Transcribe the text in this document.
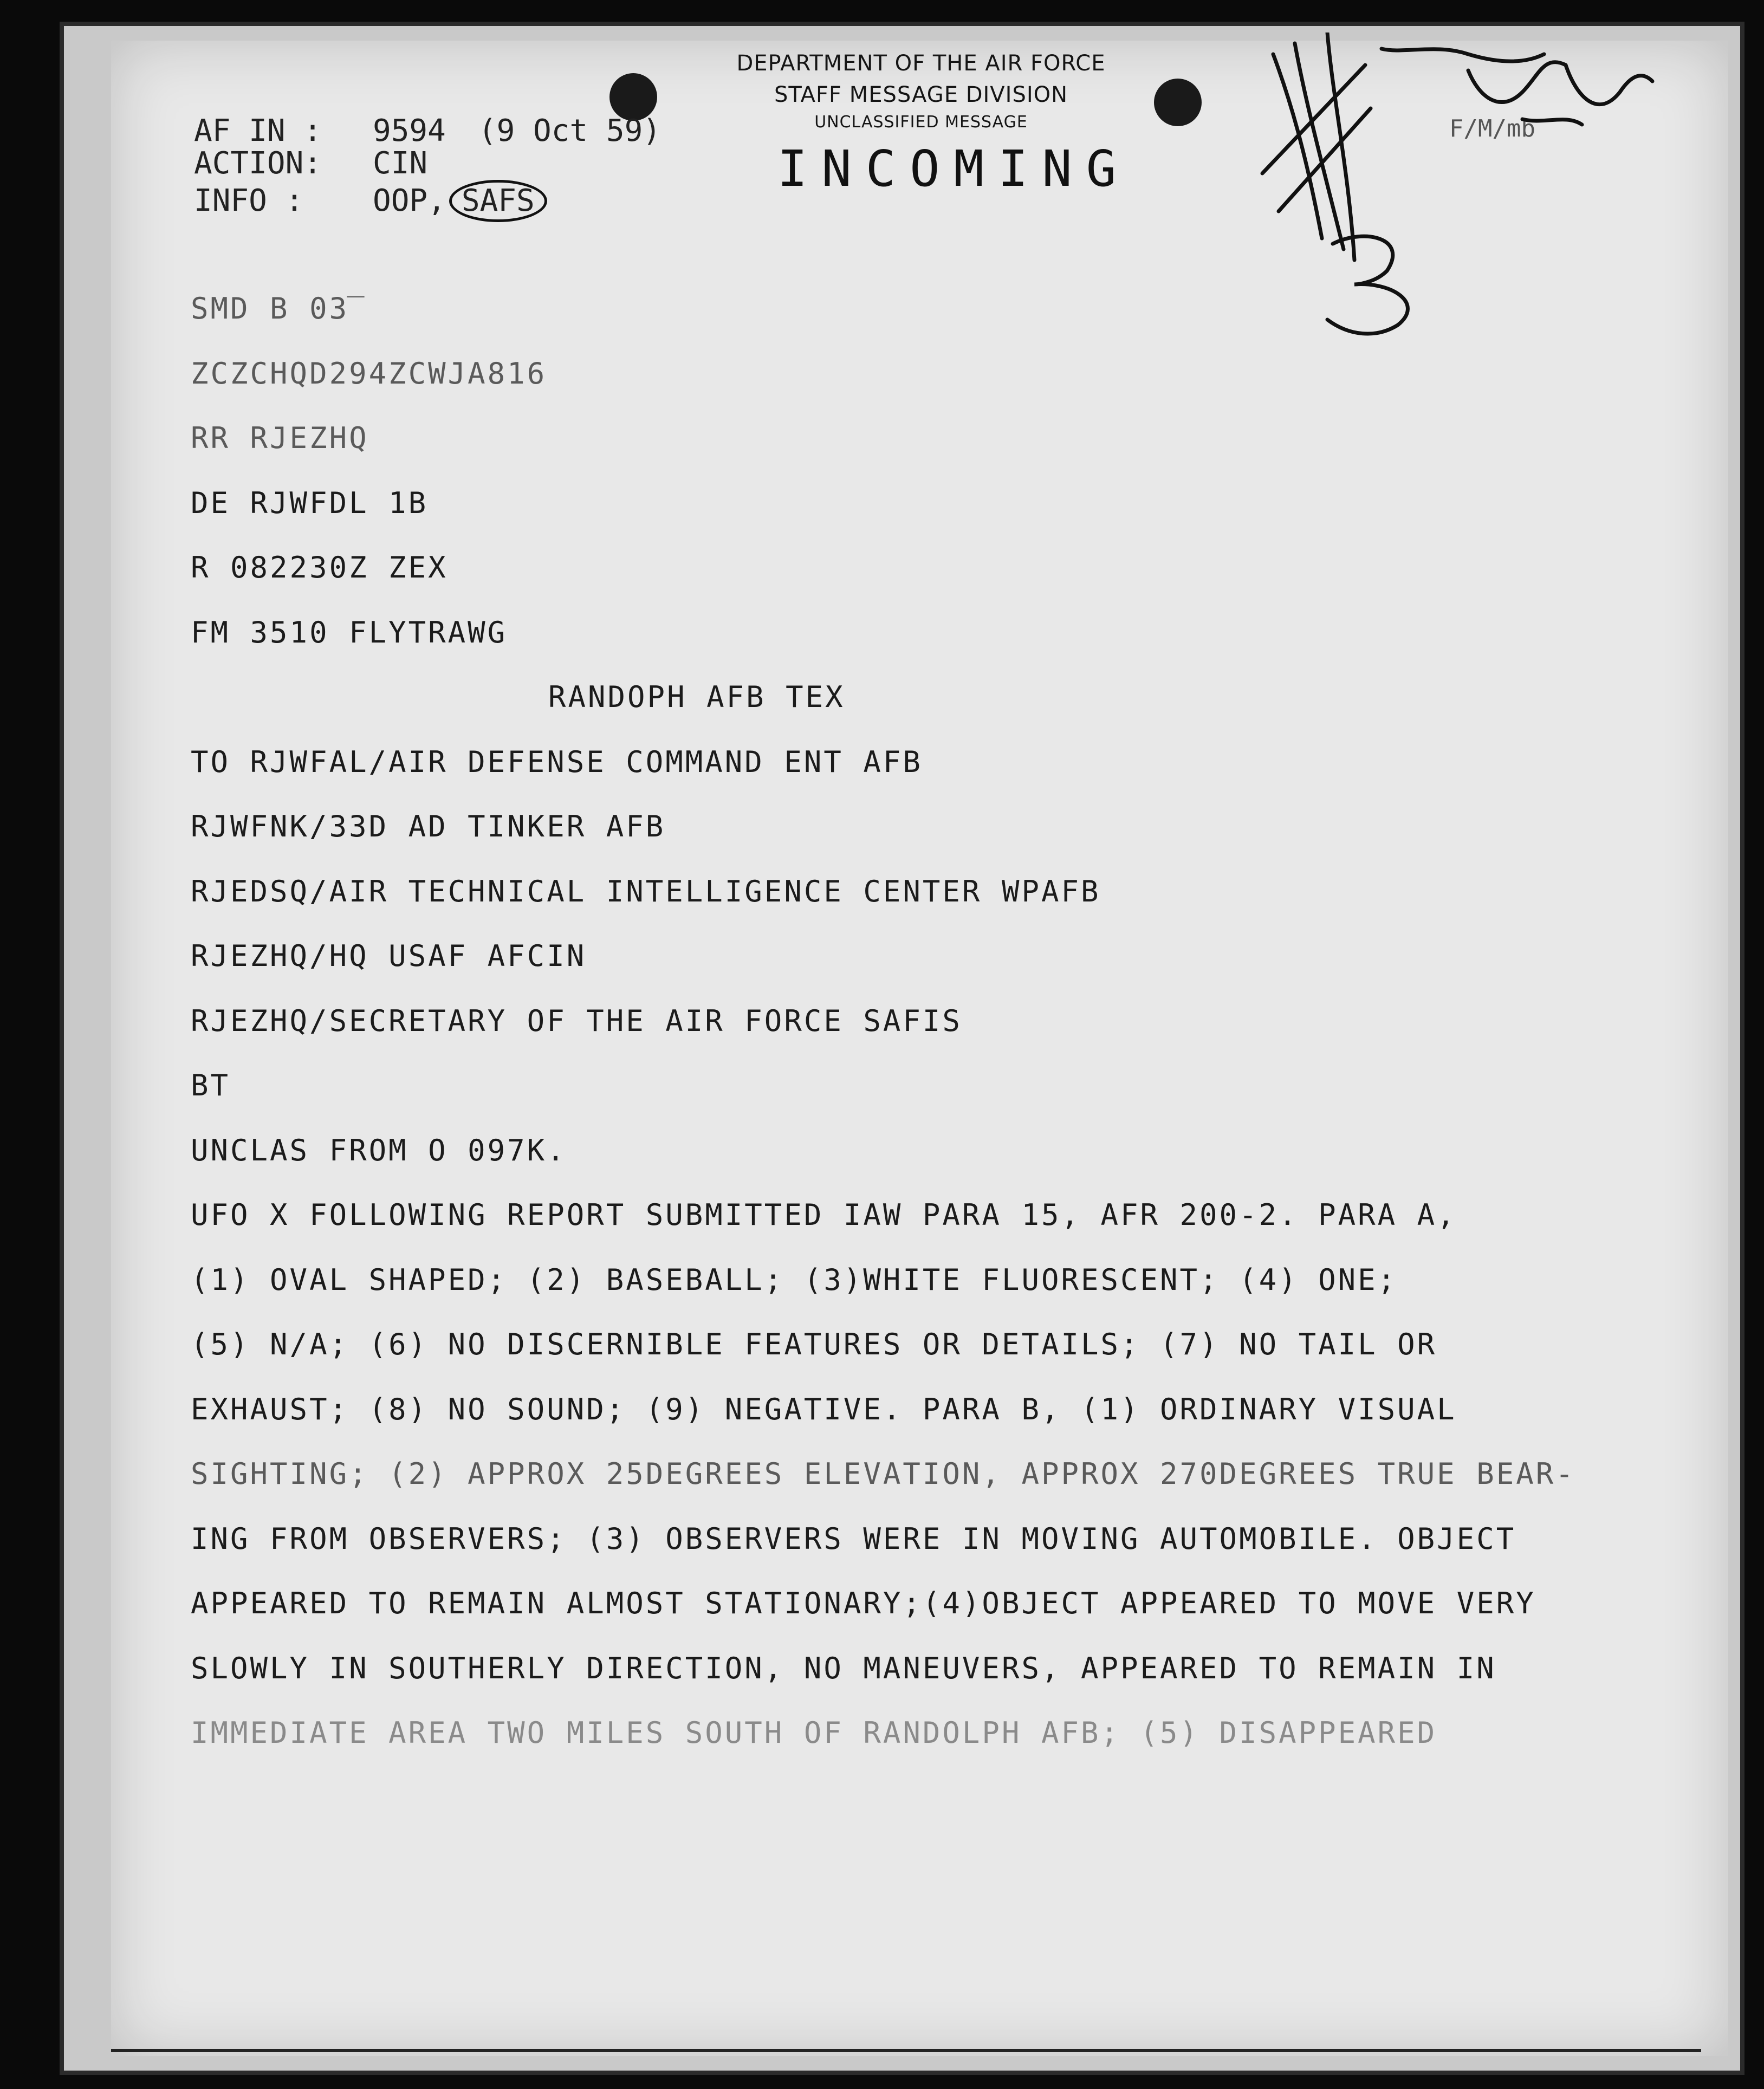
DEPARTMENT OF THE AIR FORCE
STAFF MESSAGE DIVISION
UNCLASSIFIED MESSAGE
INCOMING
AF IN : 9594 (9 Oct 59)
ACTION: CIN
INFO : OOP, SAFS
F/M/mb
SMD B 03̅
ZCZCHQD294ZCWJA816
RR RJEZHQ
DE RJWFDL 1B
R 082230Z ZEX
FM 3510 FLYTRAWG
RANDOPH AFB TEX
TO RJWFAL/AIR DEFENSE COMMAND ENT AFB
RJWFNK/33D AD TINKER AFB
RJEDSQ/AIR TECHNICAL INTELLIGENCE CENTER WPAFB
RJEZHQ/HQ USAF AFCIN
RJEZHQ/SECRETARY OF THE AIR FORCE SAFIS
BT
UNCLAS FROM O 097K.
UFO X FOLLOWING REPORT SUBMITTED IAW PARA 15, AFR 200-2. PARA A,
(1) OVAL SHAPED; (2) BASEBALL; (3)WHITE FLUORESCENT; (4) ONE;
(5) N/A; (6) NO DISCERNIBLE FEATURES OR DETAILS; (7) NO TAIL OR
EXHAUST; (8) NO SOUND; (9) NEGATIVE. PARA B, (1) ORDINARY VISUAL
SIGHTING; (2) APPROX 25DEGREES ELEVATION, APPROX 270DEGREES TRUE BEAR-
ING FROM OBSERVERS; (3) OBSERVERS WERE IN MOVING AUTOMOBILE. OBJECT
APPEARED TO REMAIN ALMOST STATIONARY;(4)OBJECT APPEARED TO MOVE VERY
SLOWLY IN SOUTHERLY DIRECTION, NO MANEUVERS, APPEARED TO REMAIN IN
IMMEDIATE AREA TWO MILES SOUTH OF RANDOLPH AFB; (5) DISAPPEARED
